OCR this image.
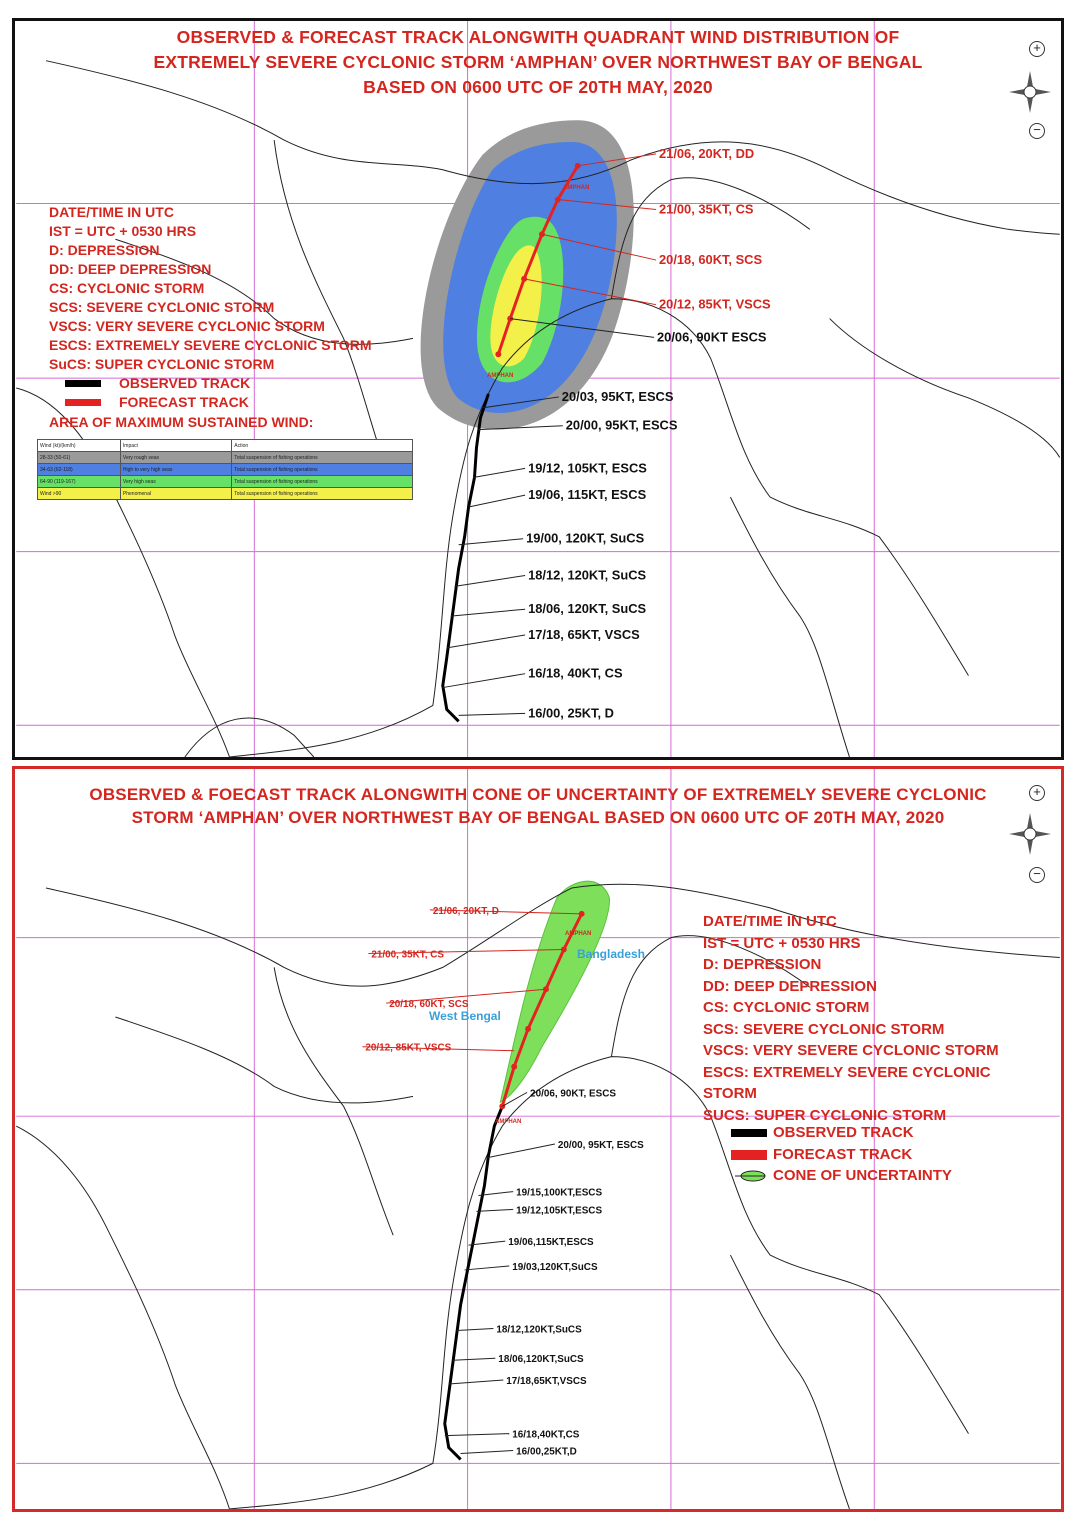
21/06, 20KT, DD
21/00, 35KT, CS
20/18, 60KT, SCS
20/12, 85KT, VSCS
20/06, 90KT ESCS
20/03, 95KT, ESCS
20/00, 95KT, ESCS
19/12, 105KT, ESCS
19/06, 115KT, ESCS
19/00, 120KT, SuCS
18/12, 120KT, SuCS
18/06, 120KT, SuCS
17/18, 65KT, VSCS
16/18, 40KT, CS
16/00, 25KT, D
OBSERVED & FORECAST TRACK ALONGWITH QUADRANT WIND DISTRIBUTION OF
EXTREMELY SEVERE CYCLONIC STORM ‘AMPHAN’ OVER NORTHWEST BAY OF BENGAL
BASED ON 0600 UTC OF 20TH MAY, 2020
DATE/TIME IN UTC
IST = UTC + 0530 HRS
D: DEPRESSION
DD: DEEP DEPRESSION
CS: CYCLONIC STORM
SCS: SEVERE CYCLONIC STORM
VSCS: VERY SEVERE CYCLONIC STORM
ESCS: EXTREMELY SEVERE CYCLONIC STORM
SuCS: SUPER CYCLONIC STORM
OBSERVED TRACK
FORECAST TRACK
AREA OF MAXIMUM SUSTAINED WIND:
Wind (kt)/(km/h)	Impact	Action
28-33 (50-61)	Very rough seas	Total suspension of fishing operations
34-63 (62-118)	High to very high seas	Total suspension of fishing operations
64-90 (119-167)	Very high seas	Total suspension of fishing operations
Wind >90	Phenomenal	Total suspension of fishing operations
AMPHAN
AMPHAN
+
−
20/06, 90KT, ESCS
20/00, 95KT, ESCS
19/15,100KT,ESCS
19/12,105KT,ESCS
19/06,115KT,ESCS
19/03,120KT,SuCS
18/12,120KT,SuCS
18/06,120KT,SuCS
17/18,65KT,VSCS
16/18,40KT,CS
16/00,25KT,D
21/06, 20KT, D
21/00, 35KT, CS
20/18, 60KT, SCS
20/12, 85KT, VSCS
OBSERVED & FOECAST TRACK ALONGWITH CONE OF UNCERTAINTY OF EXTREMELY SEVERE CYCLONIC
STORM ‘AMPHAN’ OVER NORTHWEST BAY OF BENGAL BASED ON 0600 UTC OF 20TH MAY, 2020
DATE/TIME IN UTC
IST = UTC + 0530 HRS
D: DEPRESSION
DD: DEEP DEPRESSION
CS: CYCLONIC STORM
SCS: SEVERE CYCLONIC STORM
VSCS: VERY SEVERE CYCLONIC STORM
ESCS: EXTREMELY SEVERE CYCLONIC
STORM
SUCS: SUPER CYCLONIC STORM
OBSERVED TRACK
FORECAST TRACK
CONE OF UNCERTAINTY
AMPHAN
AMPHAN
Bangladesh
West Bengal
+
−
